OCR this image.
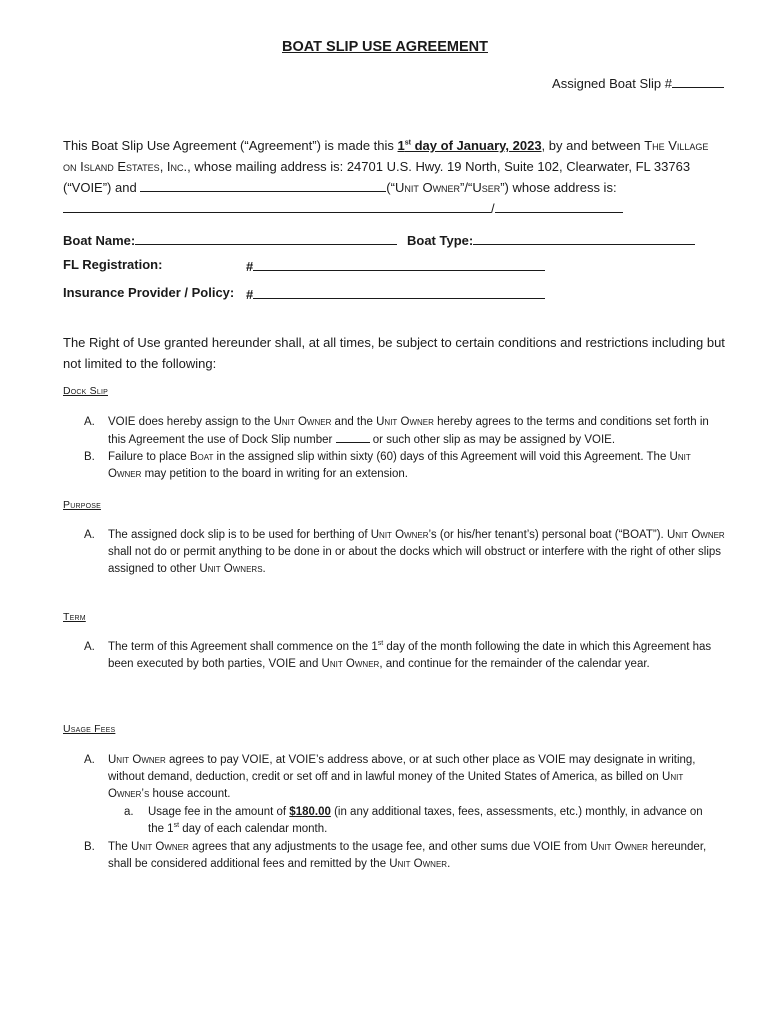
BOAT SLIP USE AGREEMENT
Assigned Boat Slip #
This Boat Slip Use Agreement (“Agreement”) is made this 1st day of January, 2023, by and between The Village on Island Estates, Inc., whose mailing address is: 24701 U.S. Hwy. 19 North, Suite 102, Clearwater, FL 33763 (“VOIE”) and	(“Unit Owner”/“User”) whose address is:
/
Boat Name:	Boat Type:
FL Registration:	#
Insurance Provider / Policy: #
The Right of Use granted hereunder shall, at all times, be subject to certain conditions and restrictions including but not limited to the following:
Dock Slip
A. VOIE does hereby assign to the Unit Owner and the Unit Owner hereby agrees to the terms and conditions set forth in this Agreement the use of Dock Slip number	or such other slip as may be assigned by VOIE.
B. Failure to place Boat in the assigned slip within sixty (60) days of this Agreement will void this Agreement. The Unit Owner may petition to the board in writing for an extension.
Purpose
A. The assigned dock slip is to be used for berthing of Unit Owner’s (or his/her tenant’s) personal boat (“BOAT”). Unit Owner shall not do or permit anything to be done in or about the docks which will obstruct or interfere with the right of other slips assigned to other Unit Owners.
Term
A. The term of this Agreement shall commence on the 1st day of the month following the date in which this Agreement has been executed by both parties, VOIE and Unit Owner, and continue for the remainder of the calendar year.
Usage Fees
A. Unit Owner agrees to pay VOIE, at VOIE’s address above, or at such other place as VOIE may designate in writing, without demand, deduction, credit or set off and in lawful money of the United States of America, as billed on Unit Owner’s house account.
a. Usage fee in the amount of $180.00 (in any additional taxes, fees, assessments, etc.) monthly, in advance on the 1st day of each calendar month.
B. The Unit Owner agrees that any adjustments to the usage fee, and other sums due VOIE from Unit Owner hereunder, shall be considered additional fees and remitted by the Unit Owner.
